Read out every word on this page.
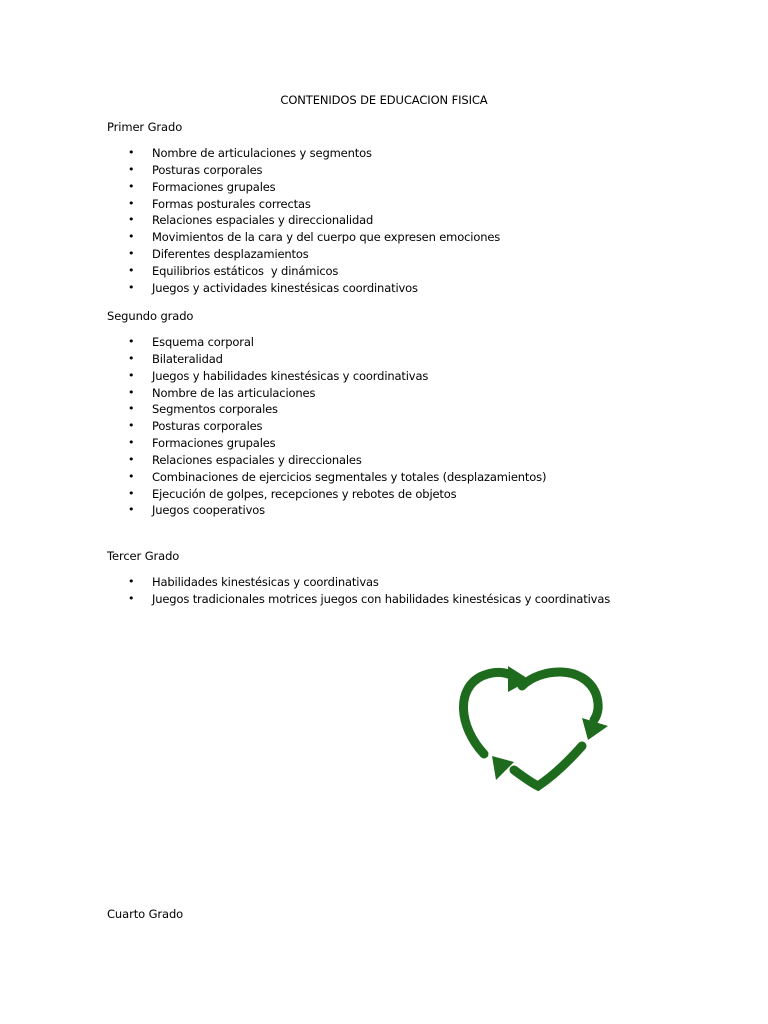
CONTENIDOS DE EDUCACION FISICA
Primer Grado
• Nombre de articulaciones y segmentos
• Posturas corporales
• Formaciones grupales
• Formas posturales correctas
• Relaciones espaciales y direccionalidad
• Movimientos de la cara y del cuerpo que expresen emociones
• Diferentes desplazamientos
• Equilibrios estáticos  y dinámicos
• Juegos y actividades kinestésicas coordinativos
Segundo grado
• Esquema corporal
• Bilateralidad
• Juegos y habilidades kinestésicas y coordinativas
• Nombre de las articulaciones
• Segmentos corporales
• Posturas corporales
• Formaciones grupales
• Relaciones espaciales y direccionales
• Combinaciones de ejercicios segmentales y totales (desplazamientos)
• Ejecución de golpes, recepciones y rebotes de objetos
• Juegos cooperativos
Tercer Grado
• Habilidades kinestésicas y coordinativas
• Juegos tradicionales motrices juegos con habilidades kinestésicas y coordinativas
Cuarto Grado
